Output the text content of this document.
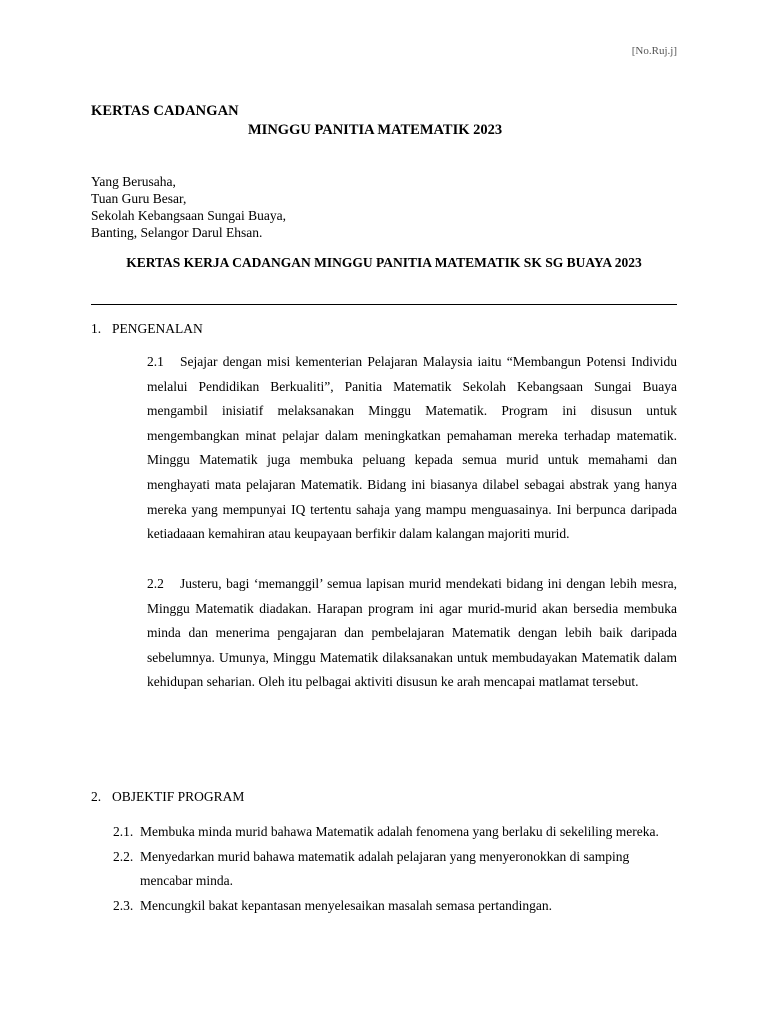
[No.Ruj.j]
KERTAS CADANGAN
MINGGU PANITIA MATEMATIK 2023
Yang Berusaha,
Tuan Guru Besar,
Sekolah Kebangsaan Sungai Buaya,
Banting, Selangor Darul Ehsan.
KERTAS KERJA CADANGAN MINGGU PANITIA MATEMATIK SK SG BUAYA 2023
1. PENGENALAN
2.1 Sejajar dengan misi kementerian Pelajaran Malaysia iaitu “Membangun Potensi Individu melalui Pendidikan Berkualiti”, Panitia Matematik Sekolah Kebangsaan Sungai Buaya mengambil inisiatif melaksanakan Minggu Matematik. Program ini disusun untuk mengembangkan minat pelajar dalam meningkatkan pemahaman mereka terhadap matematik. Minggu Matematik juga membuka peluang kepada semua murid untuk memahami dan menghayati mata pelajaran Matematik. Bidang ini biasanya dilabel sebagai abstrak yang hanya mereka yang mempunyai IQ tertentu sahaja yang mampu menguasainya. Ini berpunca daripada ketiadaaan kemahiran atau keupayaan berfikir dalam kalangan majoriti murid.
2.2 Justeru, bagi ‘memanggil’ semua lapisan murid mendekati bidang ini dengan lebih mesra, Minggu Matematik diadakan. Harapan program ini agar murid-murid akan bersedia membuka minda dan menerima pengajaran dan pembelajaran Matematik dengan lebih baik daripada sebelumnya. Umunya, Minggu Matematik dilaksanakan untuk membudayakan Matematik dalam kehidupan seharian. Oleh itu pelbagai aktiviti disusun ke arah mencapai matlamat tersebut.
2. OBJEKTIF PROGRAM
2.1. Membuka minda murid bahawa Matematik adalah fenomena yang berlaku di sekeliling mereka.
2.2. Menyedarkan murid bahawa matematik adalah pelajaran yang menyeronokkan di samping mencabar minda.
2.3. Mencungkil bakat kepantasan menyelesaikan masalah semasa pertandingan.
